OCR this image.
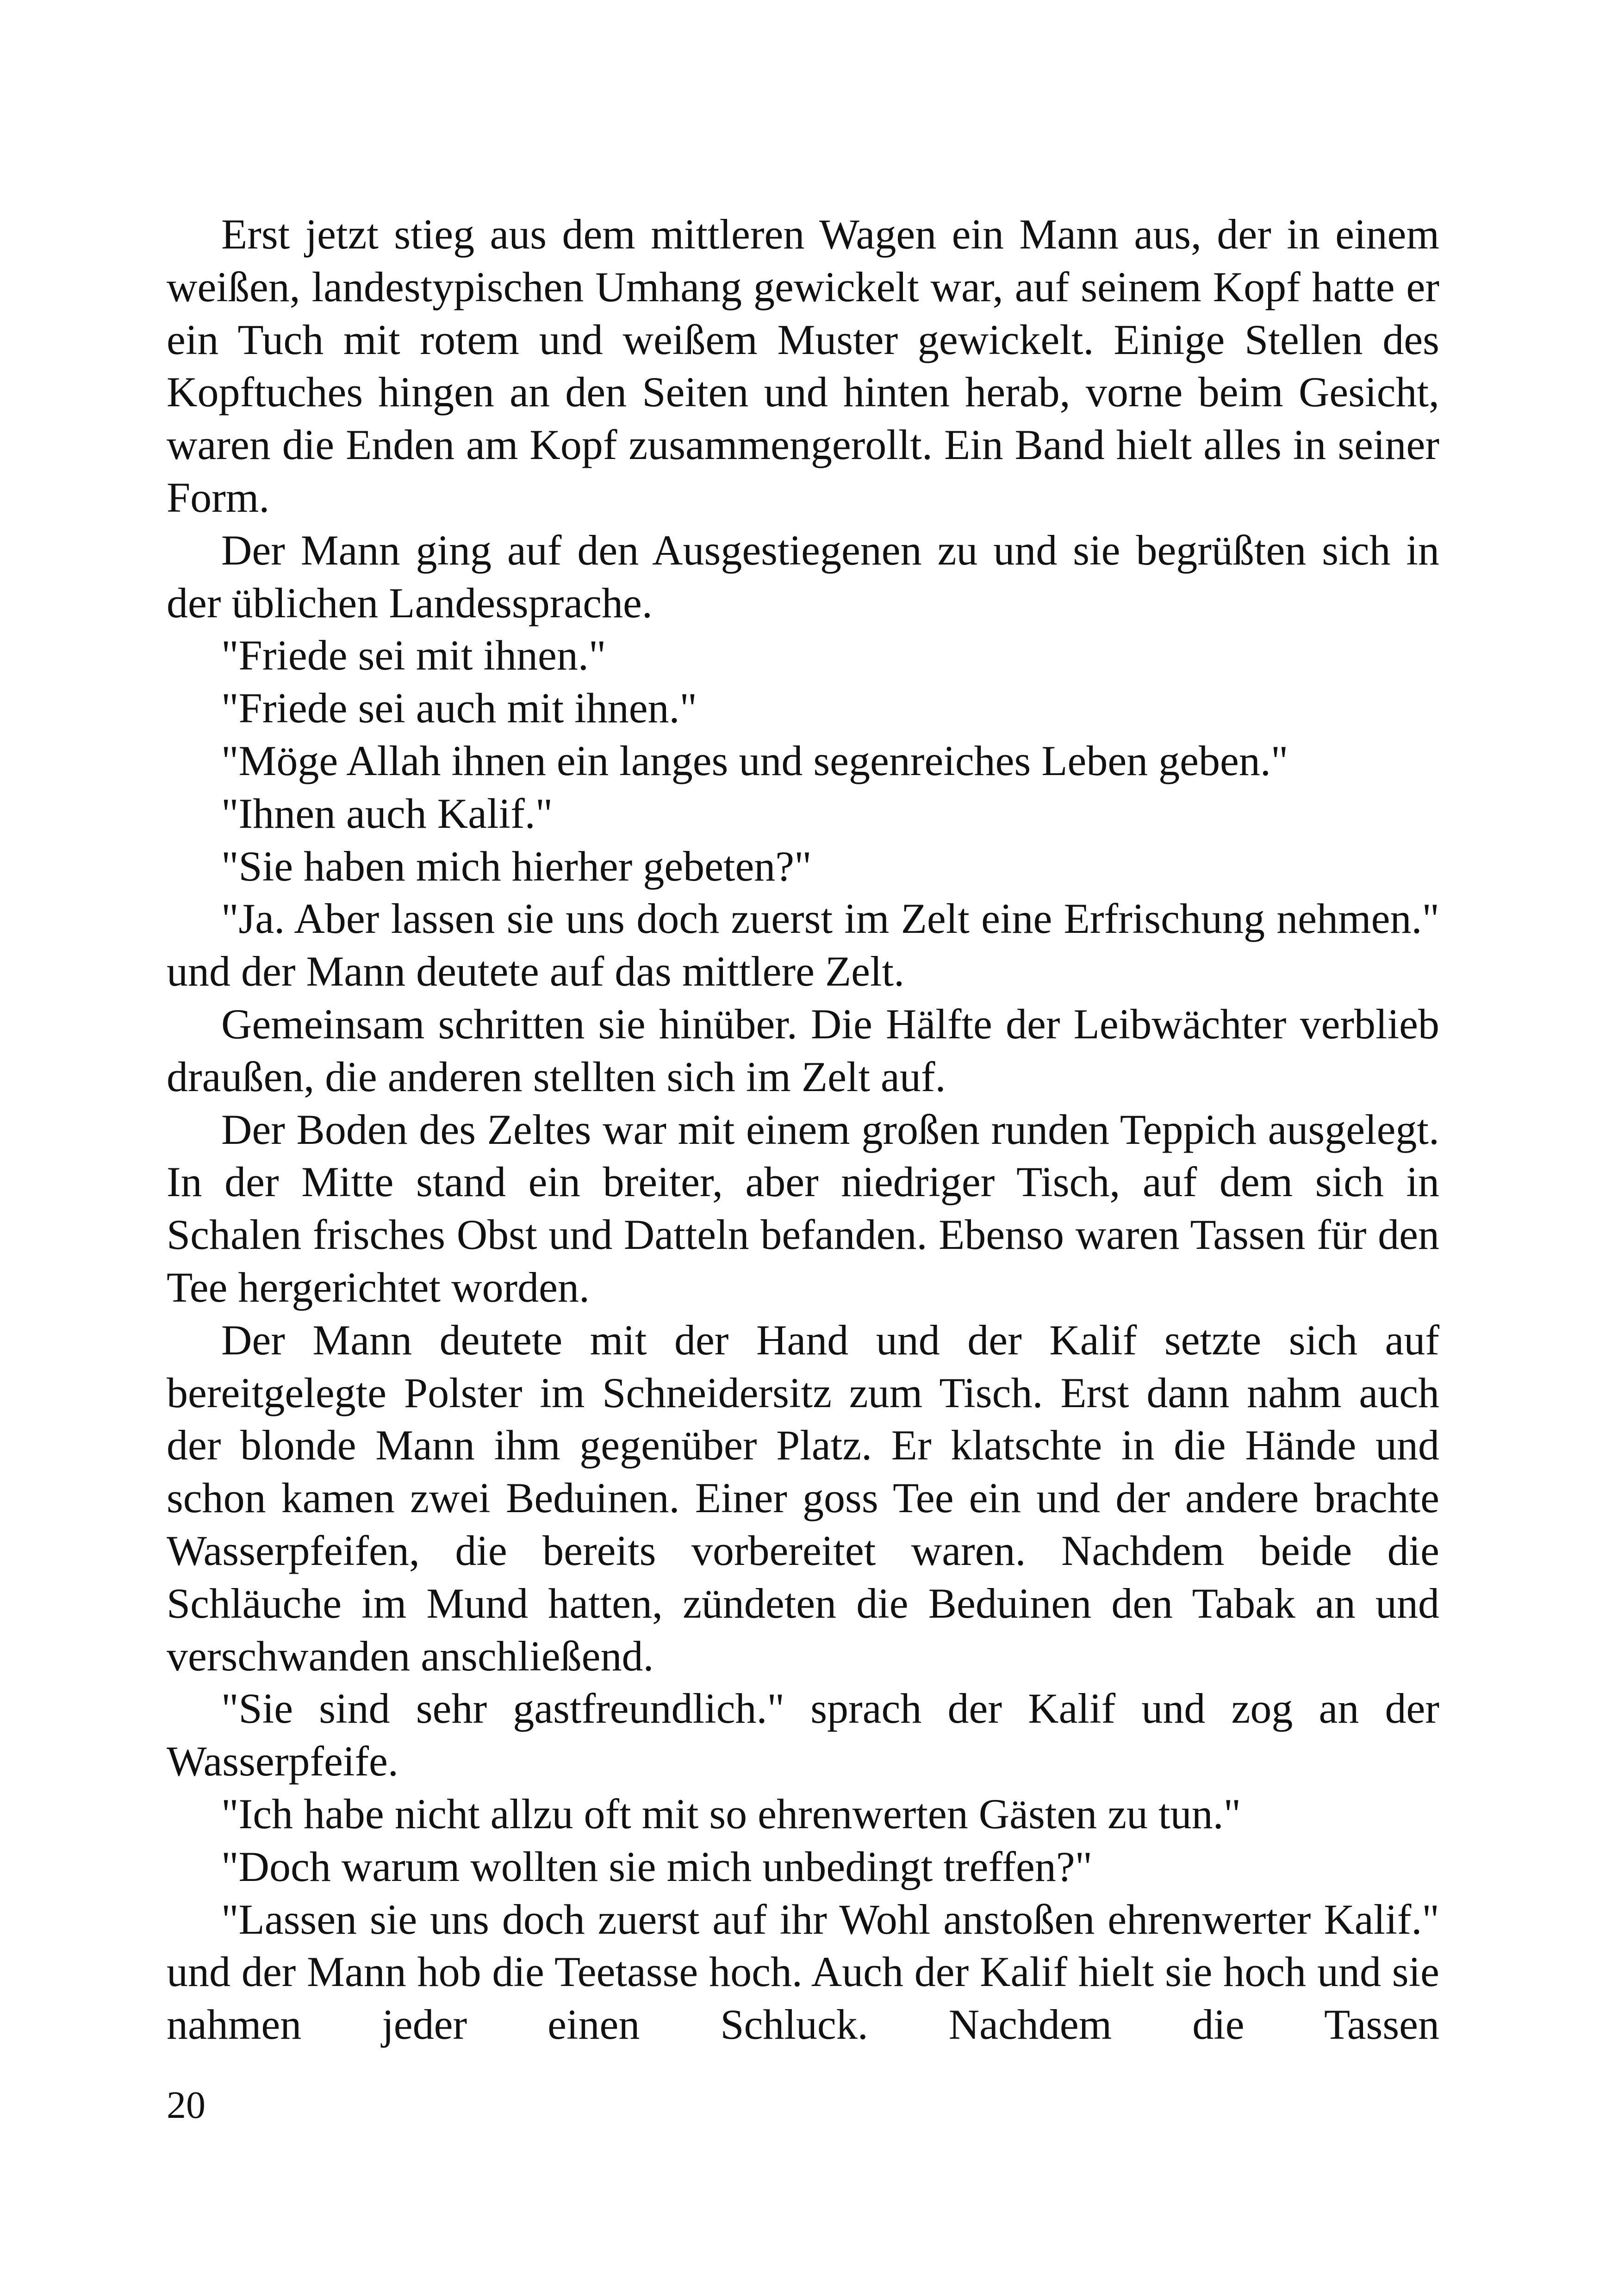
Erst jetzt stieg aus dem mittleren Wagen ein Mann aus, der in einem weißen, landestypischen Umhang gewickelt war, auf seinem Kopf hatte er ein Tuch mit rotem und weißem Muster gewickelt. Einige Stellen des Kopftuches hingen an den Seiten und hinten herab, vorne beim Gesicht, waren die Enden am Kopf zusammengerollt. Ein Band hielt alles in seiner Form.

Der Mann ging auf den Ausgestiegenen zu und sie begrüßten sich in der üblichen Landessprache.

"Friede sei mit ihnen."

"Friede sei auch mit ihnen."

"Möge Allah ihnen ein langes und segenreiches Leben geben."

"Ihnen auch Kalif."

"Sie haben mich hierher gebeten?"

"Ja. Aber lassen sie uns doch zuerst im Zelt eine Erfrischung nehmen." und der Mann deutete auf das mittlere Zelt.

Gemeinsam schritten sie hinüber. Die Hälfte der Leibwächter verblieb draußen, die anderen stellten sich im Zelt auf.

Der Boden des Zeltes war mit einem großen runden Teppich ausgelegt. In der Mitte stand ein breiter, aber niedriger Tisch, auf dem sich in Schalen frisches Obst und Datteln befanden. Ebenso waren Tassen für den Tee hergerichtet worden.

Der Mann deutete mit der Hand und der Kalif setzte sich auf bereitgelegte Polster im Schneidersitz zum Tisch. Erst dann nahm auch der blonde Mann ihm gegenüber Platz. Er klatschte in die Hände und schon kamen zwei Beduinen. Einer goss Tee ein und der andere brachte Wasserpfeifen, die bereits vorbereitet waren. Nachdem beide die Schläuche im Mund hatten, zündeten die Beduinen den Tabak an und verschwanden anschließend.

"Sie sind sehr gastfreundlich." sprach der Kalif und zog an der Wasserpfeife.

"Ich habe nicht allzu oft mit so ehrenwerten Gästen zu tun."

"Doch warum wollten sie mich unbedingt treffen?"

"Lassen sie uns doch zuerst auf ihr Wohl anstoßen ehrenwerter Kalif." und der Mann hob die Teetasse hoch. Auch der Kalif hielt sie hoch und sie nahmen jeder einen Schluck. Nachdem die Tassen

20
